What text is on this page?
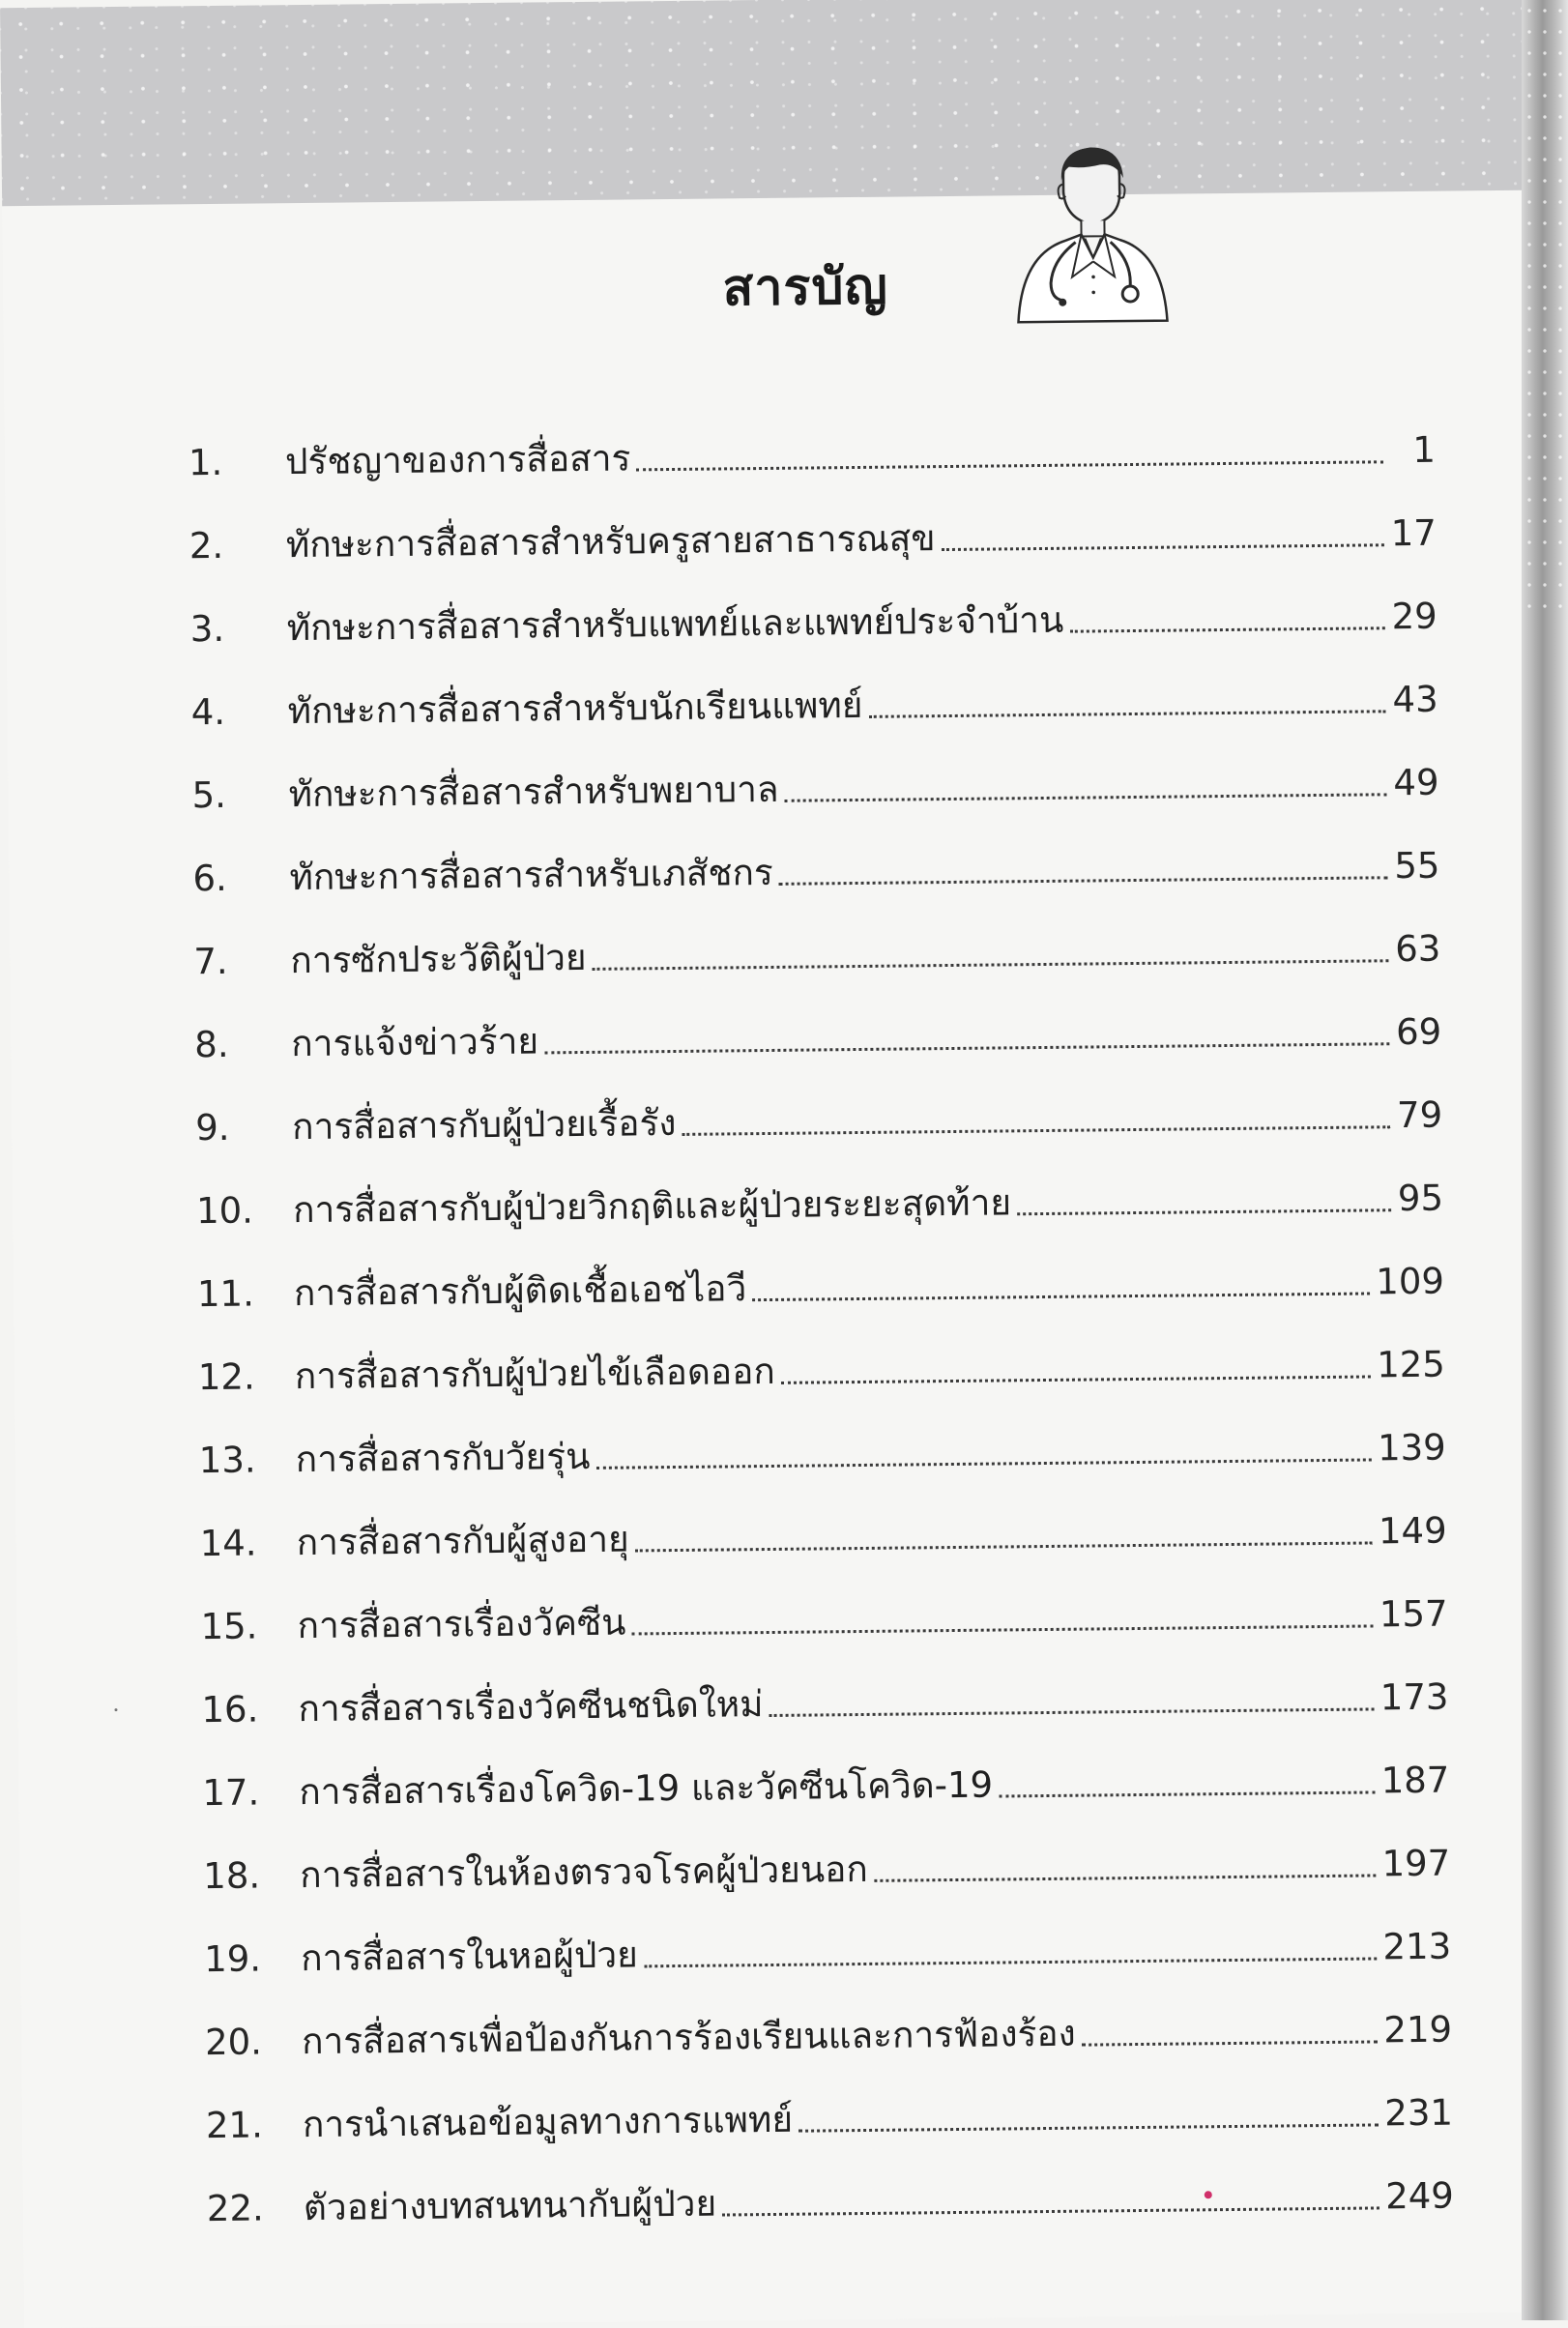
สารบัญ
1.	ปรัชญาของการสื่อสาร	1
2.	ทักษะการสื่อสารสำหรับครูสายสาธารณสุข	17
3.	ทักษะการสื่อสารสำหรับแพทย์และแพทย์ประจำบ้าน	29
4.	ทักษะการสื่อสารสำหรับนักเรียนแพทย์	43
5.	ทักษะการสื่อสารสำหรับพยาบาล	49
6.	ทักษะการสื่อสารสำหรับเภสัชกร	55
7.	การซักประวัติผู้ป่วย	63
8.	การแจ้งข่าวร้าย	69
9.	การสื่อสารกับผู้ป่วยเรื้อรัง	79
10.	การสื่อสารกับผู้ป่วยวิกฤติและผู้ป่วยระยะสุดท้าย	95
11.	การสื่อสารกับผู้ติดเชื้อเอชไอวี	109
12.	การสื่อสารกับผู้ป่วยไข้เลือดออก	125
13.	การสื่อสารกับวัยรุ่น	139
14.	การสื่อสารกับผู้สูงอายุ	149
15.	การสื่อสารเรื่องวัคซีน	157
16.	การสื่อสารเรื่องวัคซีนชนิดใหม่	173
17.	การสื่อสารเรื่องโควิด-19 และวัคซีนโควิด-19	187
18.	การสื่อสารในห้องตรวจโรคผู้ป่วยนอก	197
19.	การสื่อสารในหอผู้ป่วย	213
20.	การสื่อสารเพื่อป้องกันการร้องเรียนและการฟ้องร้อง	219
21.	การนำเสนอข้อมูลทางการแพทย์	231
22.	ตัวอย่างบทสนทนากับผู้ป่วย	249
